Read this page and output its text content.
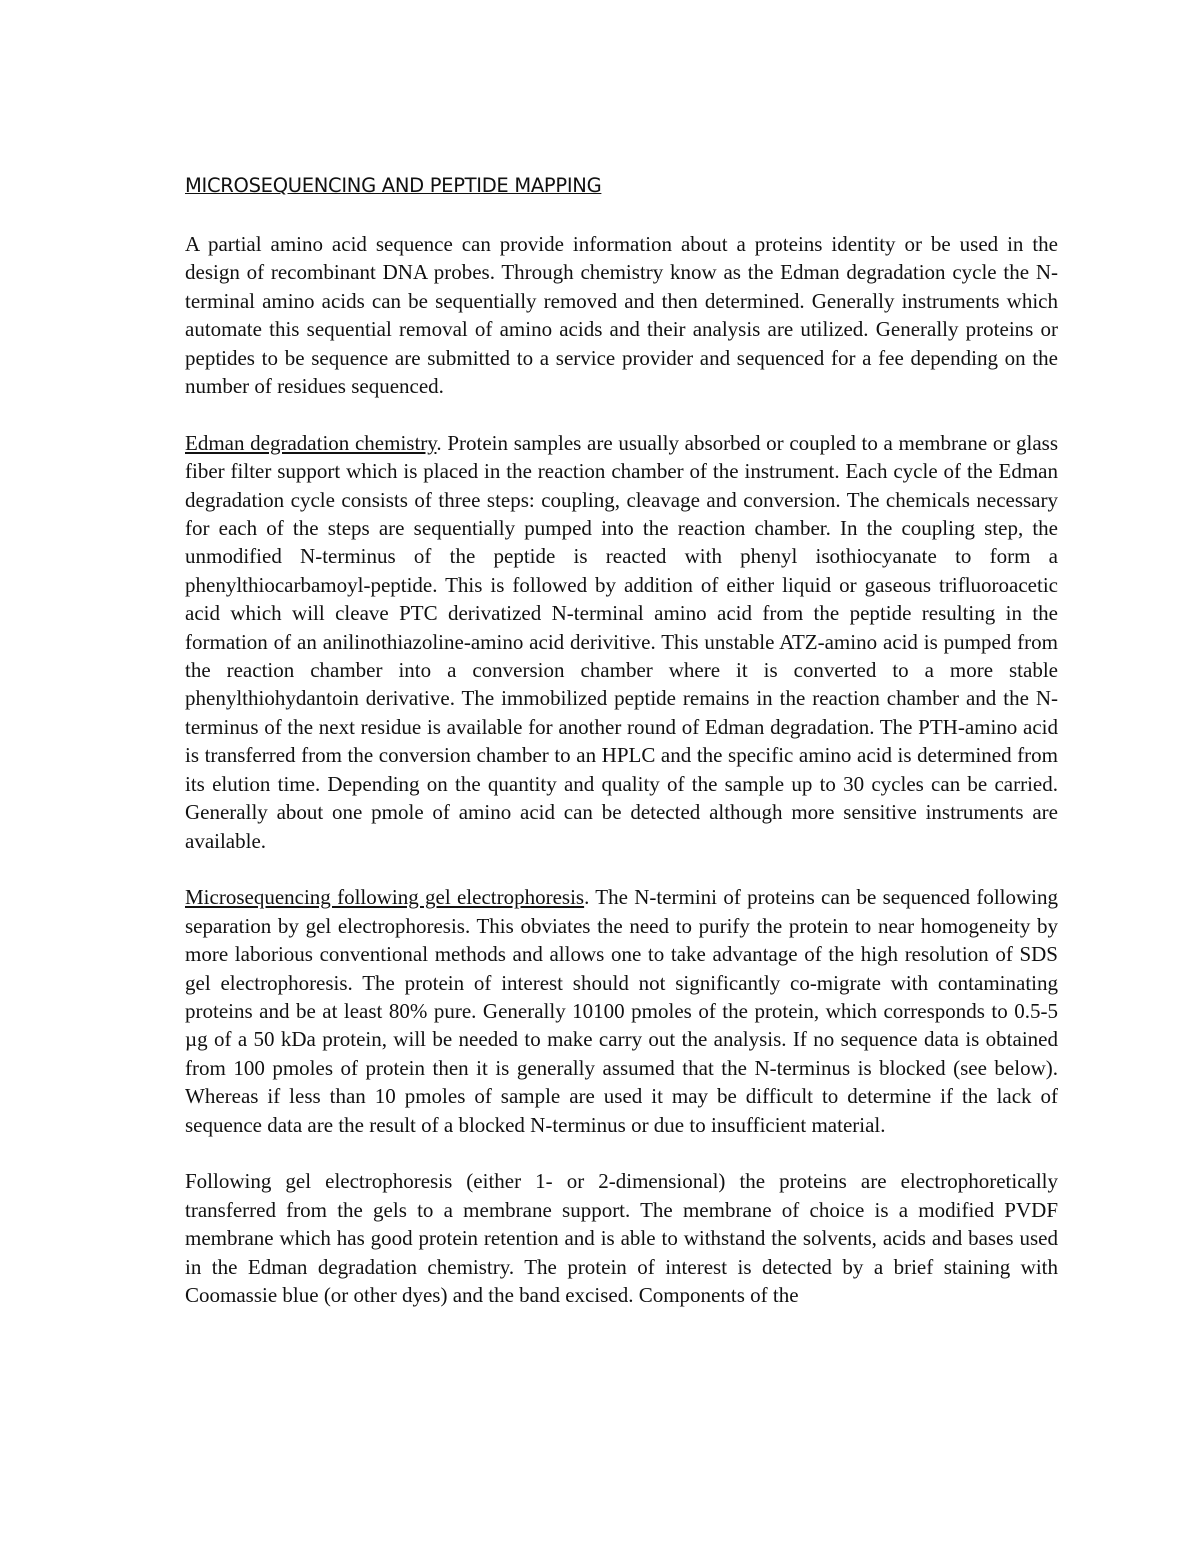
MICROSEQUENCING AND PEPTIDE MAPPING

A partial amino acid sequence can provide information about a proteins identity or be used in the design of recombinant DNA probes. Through chemistry know as the Edman degradation cycle the N-terminal amino acids can be sequentially removed and then determined. Generally instruments which automate this sequential removal of amino acids and their analysis are utilized. Generally proteins or peptides to be sequence are submitted to a service provider and sequenced for a fee depending on the number of residues sequenced.

Edman degradation chemistry. Protein samples are usually absorbed or coupled to a membrane or glass fiber filter support which is placed in the reaction chamber of the instrument. Each cycle of the Edman degradation cycle consists of three steps: coupling, cleavage and conversion. The chemicals necessary for each of the steps are sequentially pumped into the reaction chamber. In the coupling step, the unmodified N-terminus of the peptide is reacted with phenyl isothiocyanate to form a phenylthiocarbamoyl-peptide. This is followed by addition of either liquid or gaseous trifluoroacetic acid which will cleave PTC derivatized N-terminal amino acid from the peptide resulting in the formation of an anilinothiazoline-amino acid derivitive. This unstable ATZ-amino acid is pumped from the reaction chamber into a conversion chamber where it is converted to a more stable phenylthiohydantoin derivative. The immobilized peptide remains in the reaction chamber and the N-terminus of the next residue is available for another round of Edman degradation. The PTH-amino acid is transferred from the conversion chamber to an HPLC and the specific amino acid is determined from its elution time. Depending on the quantity and quality of the sample up to 30 cycles can be carried. Generally about one pmole of amino acid can be detected although more sensitive instruments are available.

Microsequencing following gel electrophoresis. The N-termini of proteins can be sequenced following separation by gel electrophoresis. This obviates the need to purify the protein to near homogeneity by more laborious conventional methods and allows one to take advantage of the high resolution of SDS gel electrophoresis. The protein of interest should not significantly co-migrate with contaminating proteins and be at least 80% pure. Generally 10100 pmoles of the protein, which corresponds to 0.5-5 µg of a 50 kDa protein, will be needed to make carry out the analysis. If no sequence data is obtained from 100 pmoles of protein then it is generally assumed that the N-terminus is blocked (see below). Whereas if less than 10 pmoles of sample are used it may be difficult to determine if the lack of sequence data are the result of a blocked N-terminus or due to insufficient material.

Following gel electrophoresis (either 1- or 2-dimensional) the proteins are electrophoretically transferred from the gels to a membrane support. The membrane of choice is a modified PVDF membrane which has good protein retention and is able to withstand the solvents, acids and bases used in the Edman degradation chemistry. The protein of interest is detected by a brief staining with Coomassie blue (or other dyes) and the band excised. Components of the
